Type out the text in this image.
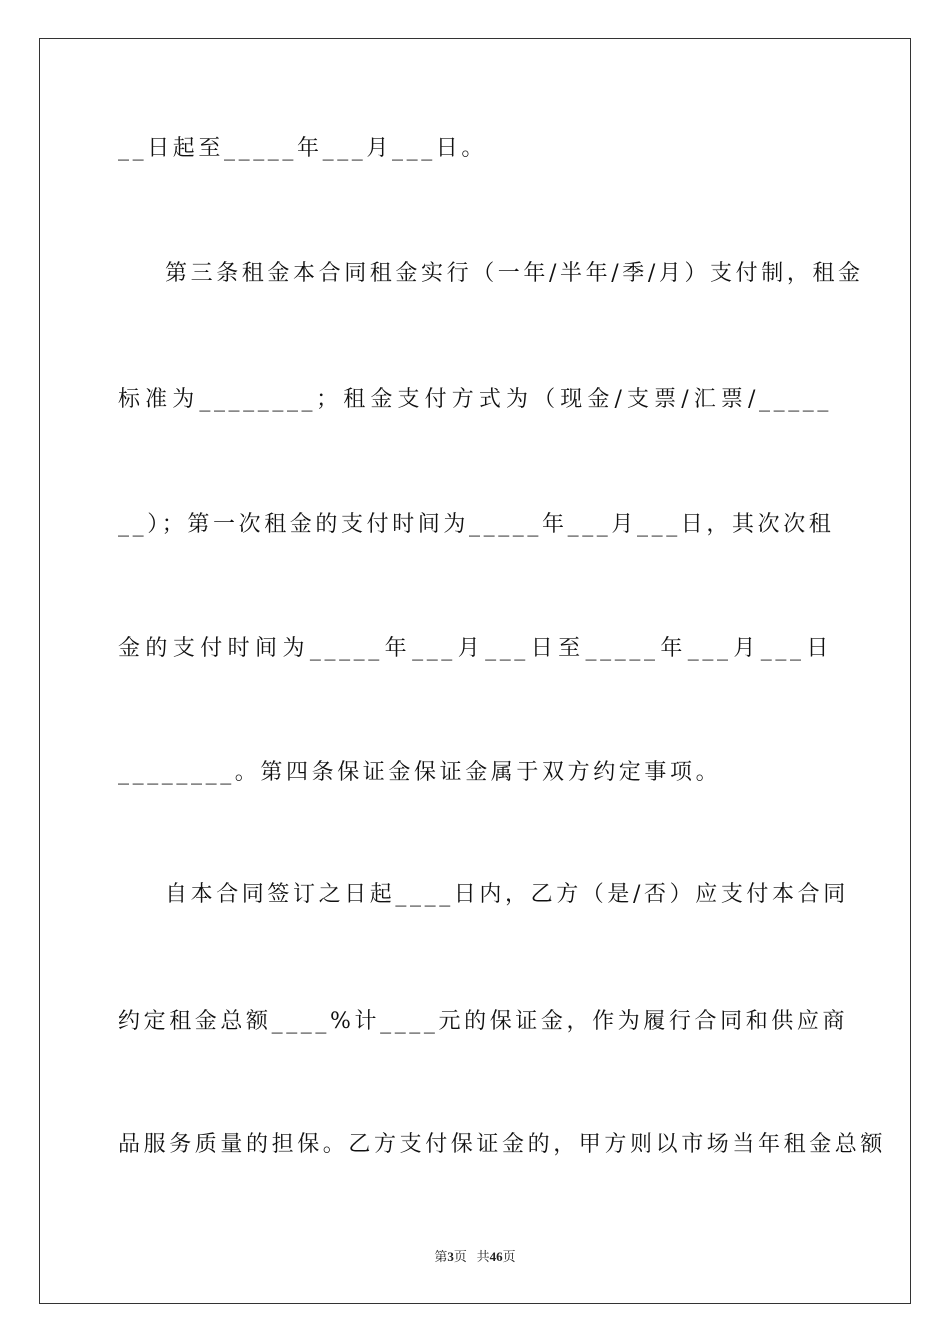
__日起至_____年___月___日。
第三条租金本合同租金实行（一年/半年/季/月）支付制，租金
标准为________；租金支付方式为（现金/支票/汇票/_____
__）；第一次租金的支付时间为_____年___月___日，其次次租
金的支付时间为_____年___月___日至_____年___月___日
________。第四条保证金保证金属于双方约定事项。
自本合同签订之日起____日内，乙方（是/否）应支付本合同
约定租金总额____%计____元的保证金，作为履行合同和供应商
品服务质量的担保。乙方支付保证金的，甲方则以市场当年租金总额
第3页 共46页
